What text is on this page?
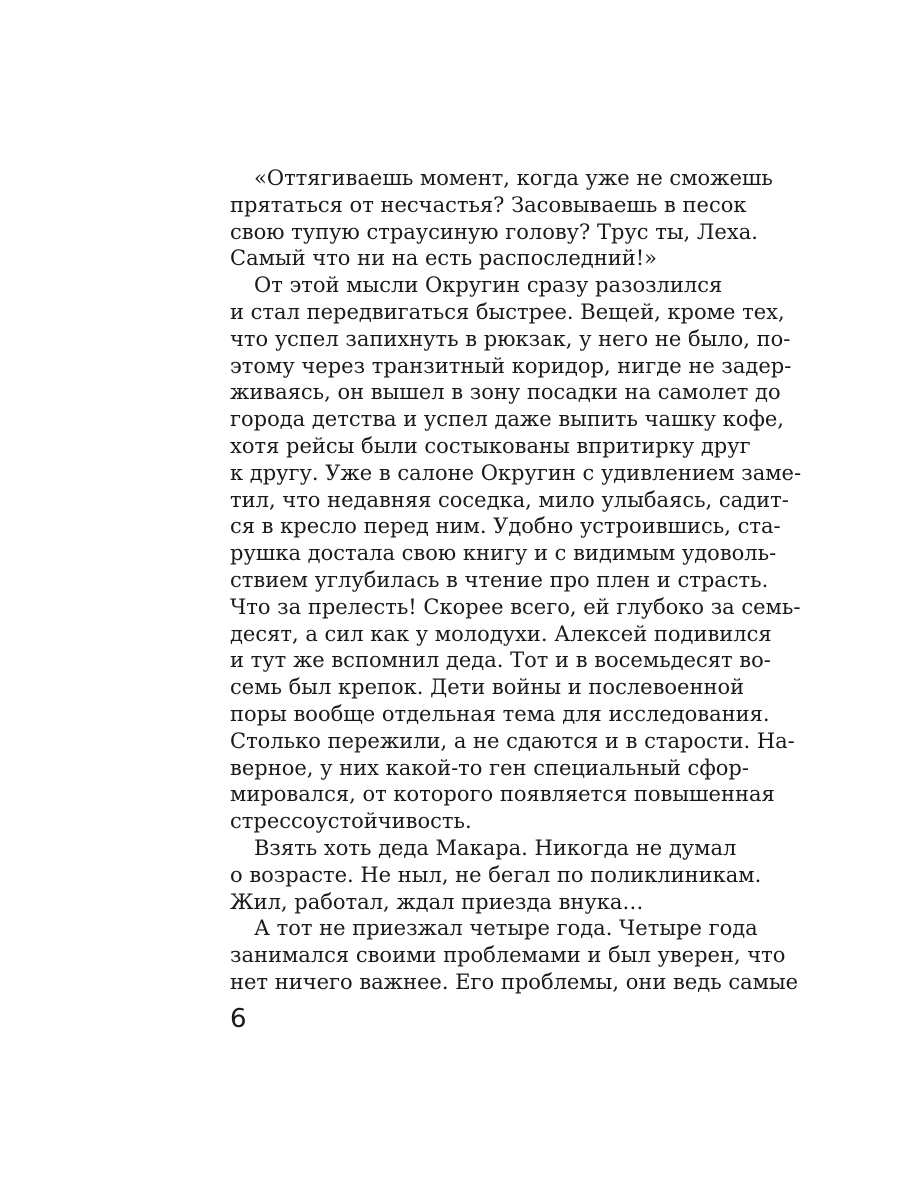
«Оттягиваешь момент, когда уже не сможешь
прятаться от несчастья? Засовываешь в песок
свою тупую страусиную голову? Трус ты, Леха.
Самый что ни на есть распоследний!»
От этой мысли Округин сразу разозлился
и стал передвигаться быстрее. Вещей, кроме тех,
что успел запихнуть в рюкзак, у него не было, по-
этому через транзитный коридор, нигде не задер-
живаясь, он вышел в зону посадки на самолет до
города детства и успел даже выпить чашку кофе,
хотя рейсы были состыкованы впритирку друг
к другу. Уже в салоне Округин с удивлением заме-
тил, что недавняя соседка, мило улыбаясь, садит-
ся в кресло перед ним. Удобно устроившись, ста-
рушка достала свою книгу и с видимым удоволь-
ствием углубилась в чтение про плен и страсть.
Что за прелесть! Скорее всего, ей глубоко за семь-
десят, а сил как у молодухи. Алексей подивился
и тут же вспомнил деда. Тот и в восемьдесят во-
семь был крепок. Дети войны и послевоенной
поры вообще отдельная тема для исследования.
Столько пережили, а не сдаются и в старости. На-
верное, у них какой-то ген специальный сфор-
мировался, от которого появляется повышенная
стрессоустойчивость.
Взять хоть деда Макара. Никогда не думал
о возрасте. Не ныл, не бегал по поликлиникам.
Жил, работал, ждал приезда внука…
А тот не приезжал четыре года. Четыре года
занимался своими проблемами и был уверен, что
нет ничего важнее. Его проблемы, они ведь самые
6
